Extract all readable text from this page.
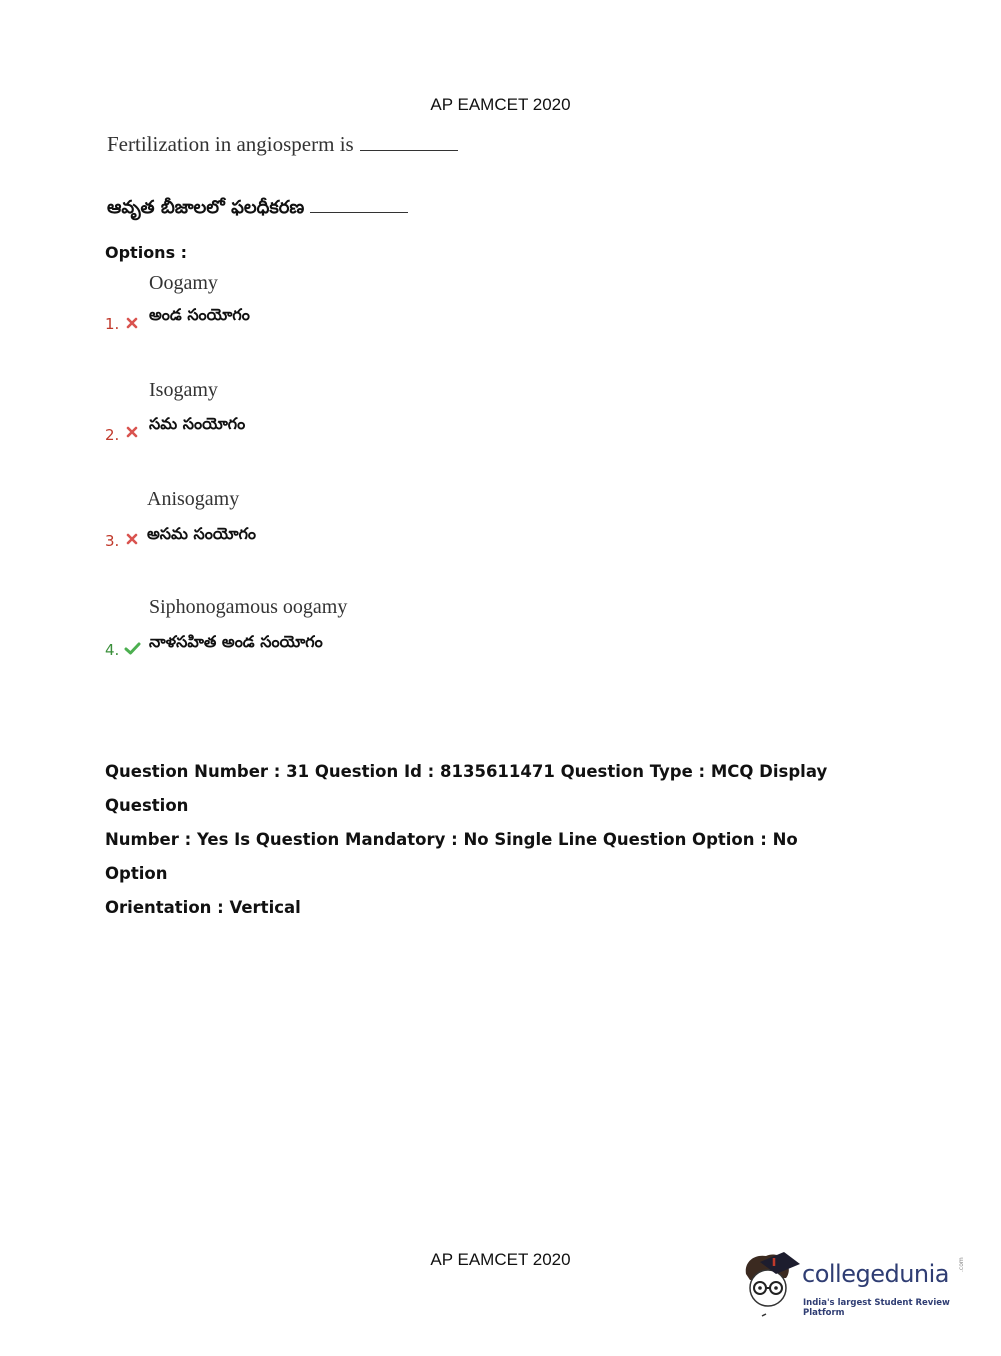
AP EAMCET 2020
Fertilization in angiosperm is
ఆవృత బీజాలలో ఫలధీకరణ
Options :
Oogamy
అండ సంయోగం
1.
Isogamy
సమ సంయోగం
2.
Anisogamy
అసమ సంయోగం
3.
Siphonogamous oogamy
నాళసహిత అండ సంయోగం
4.
Question Number : 31 Question Id : 8135611471 Question Type : MCQ Display Question
Number : Yes Is Question Mandatory : No Single Line Question Option : No Option
Orientation : Vertical
AP EAMCET 2020
collegedunia
India's largest Student Review Platform
.com
